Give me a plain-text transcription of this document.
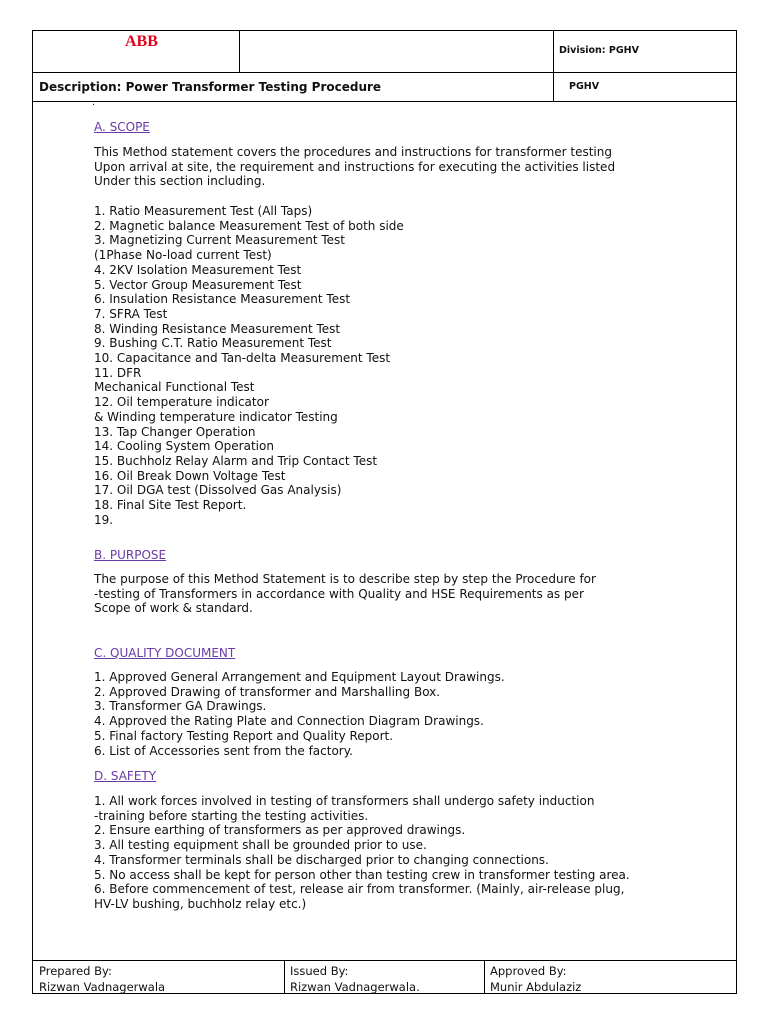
ABB
Division: PGHV
Description: Power Transformer Testing Procedure	PGHV
.
A. SCOPE
This Method statement covers the procedures and instructions for transformer testing
Upon arrival at site, the requirement and instructions for executing the activities listed
Under this section including.
1. Ratio Measurement Test (All Taps)
2. Magnetic balance Measurement Test of both side
3. Magnetizing Current Measurement Test
(1Phase No-load current Test)
4. 2KV Isolation Measurement Test
5. Vector Group Measurement Test
6. Insulation Resistance Measurement Test
7. SFRA Test
8. Winding Resistance Measurement Test
9. Bushing C.T. Ratio Measurement Test
10. Capacitance and Tan-delta Measurement Test
11. DFR
Mechanical Functional Test
12. Oil temperature indicator
& Winding temperature indicator Testing
13. Tap Changer Operation
14. Cooling System Operation
15. Buchholz Relay Alarm and Trip Contact Test
16. Oil Break Down Voltage Test
17. Oil DGA test (Dissolved Gas Analysis)
18. Final Site Test Report.
19.
B. PURPOSE
The purpose of this Method Statement is to describe step by step the Procedure for
-testing of Transformers in accordance with Quality and HSE Requirements as per
Scope of work & standard.
C. QUALITY DOCUMENT
1. Approved General Arrangement and Equipment Layout Drawings.
2. Approved Drawing of transformer and Marshalling Box.
3. Transformer GA Drawings.
4. Approved the Rating Plate and Connection Diagram Drawings.
5. Final factory Testing Report and Quality Report.
6. List of Accessories sent from the factory.
D. SAFETY
1. All work forces involved in testing of transformers shall undergo safety induction
-training before starting the testing activities.
2. Ensure earthing of transformers as per approved drawings.
3. All testing equipment shall be grounded prior to use.
4. Transformer terminals shall be discharged prior to changing connections.
5. No access shall be kept for person other than testing crew in transformer testing area.
6. Before commencement of test, release air from transformer. (Mainly, air-release plug,
HV-LV bushing, buchholz relay etc.)
Prepared By:
Rizwan Vadnagerwala
Issued By:
Rizwan Vadnagerwala.
Approved By:
Munir Abdulaziz
